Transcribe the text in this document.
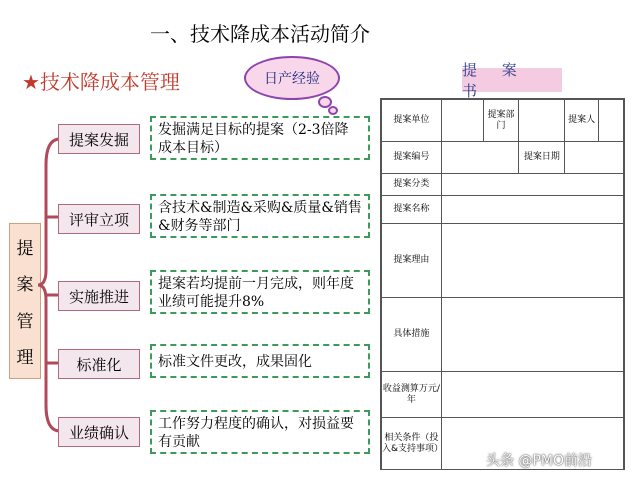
一、技术降成本活动简介
★技术降成本管理	日产经验	提 案 书
提
案
管
理
提案发掘
发掘满足目标的提案（2-3倍降成本目标）
评审立项
含技术&制造&采购&质量&销售&财务等部门
实施推进
提案若均提前一月完成，则年度业绩可能提升8%
标准化	标准文件更改，成果固化
业绩确认	工作努力程度的确认，对损益要有贡献
提案单位		提案部门		提案人	
提案编号			提案日期		
提案分类					
提案名称					
提案理由					
具体措施					
收益测算万元/年					
相关条件（投入&支持事项）					
头条 @PMO前沿
